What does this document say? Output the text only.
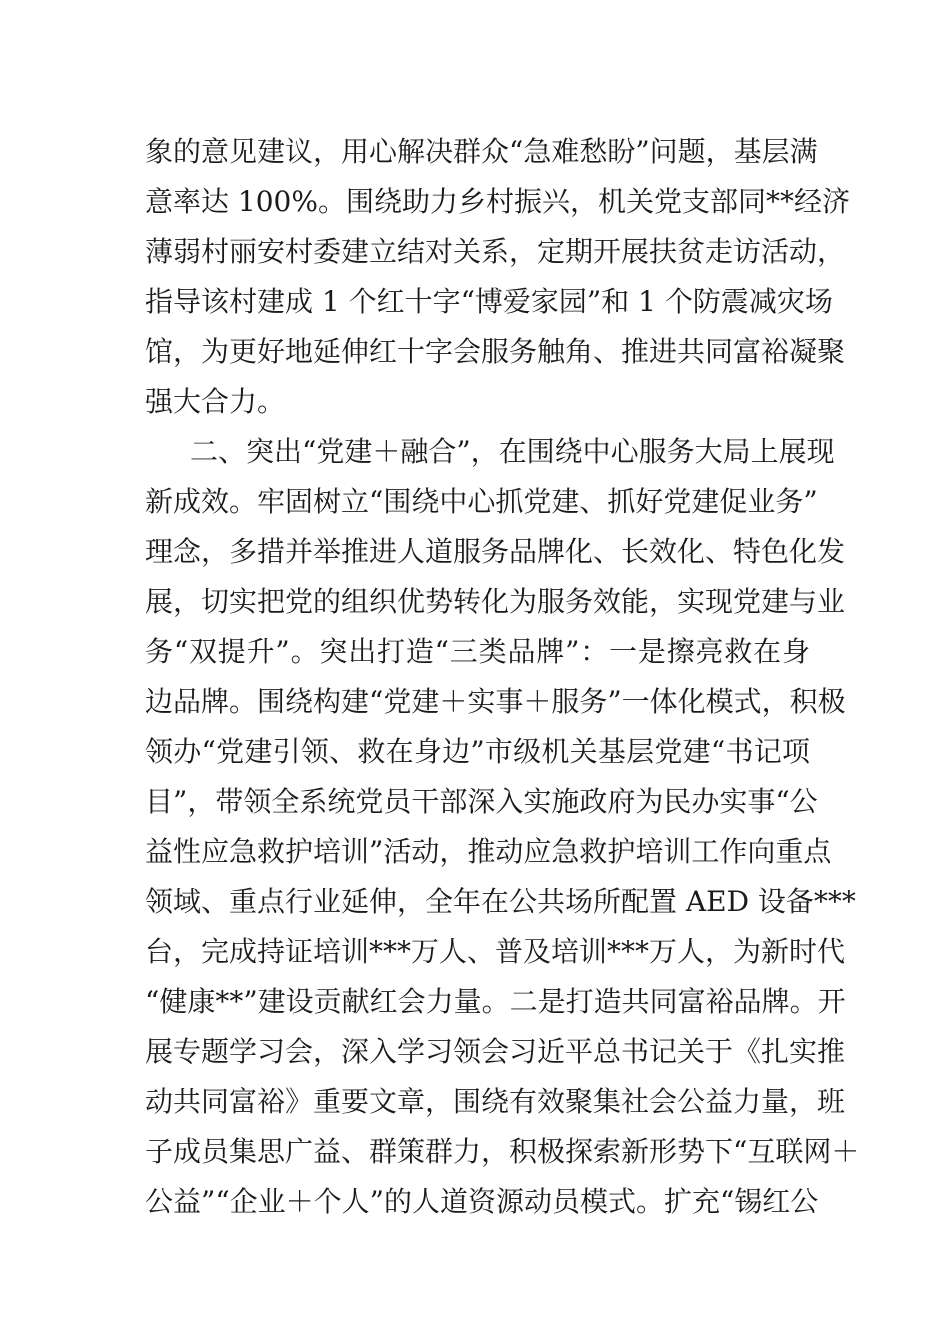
象的意见建议，用心解决群众“急难愁盼”问题，基层满
意率达 100%。围绕助力乡村振兴，机关党支部同**经济
薄弱村丽安村委建立结对关系，定期开展扶贫走访活动，
指导该村建成 1 个红十字“博爱家园”和 1 个防震减灾场
馆，为更好地延伸红十字会服务触角、推进共同富裕凝聚
强大合力。
二、突出“党建＋融合”，在围绕中心服务大局上展现
新成效。牢固树立“围绕中心抓党建、抓好党建促业务”
理念，多措并举推进人道服务品牌化、长效化、特色化发
展，切实把党的组织优势转化为服务效能，实现党建与业
务“双提升”。突出打造“三类品牌”：一是擦亮救在身
边品牌。围绕构建“党建＋实事＋服务”一体化模式，积极
领办“党建引领、救在身边”市级机关基层党建“书记项
目”，带领全系统党员干部深入实施政府为民办实事“公
益性应急救护培训”活动，推动应急救护培训工作向重点
领域、重点行业延伸，全年在公共场所配置 AED 设备***
台，完成持证培训***万人、普及培训***万人，为新时代
“健康**”建设贡献红会力量。二是打造共同富裕品牌。开
展专题学习会，深入学习领会习近平总书记关于《扎实推
动共同富裕》重要文章，围绕有效聚集社会公益力量，班
子成员集思广益、群策群力，积极探索新形势下“互联网＋
公益”“企业＋个人”的人道资源动员模式。扩充“锡红公
